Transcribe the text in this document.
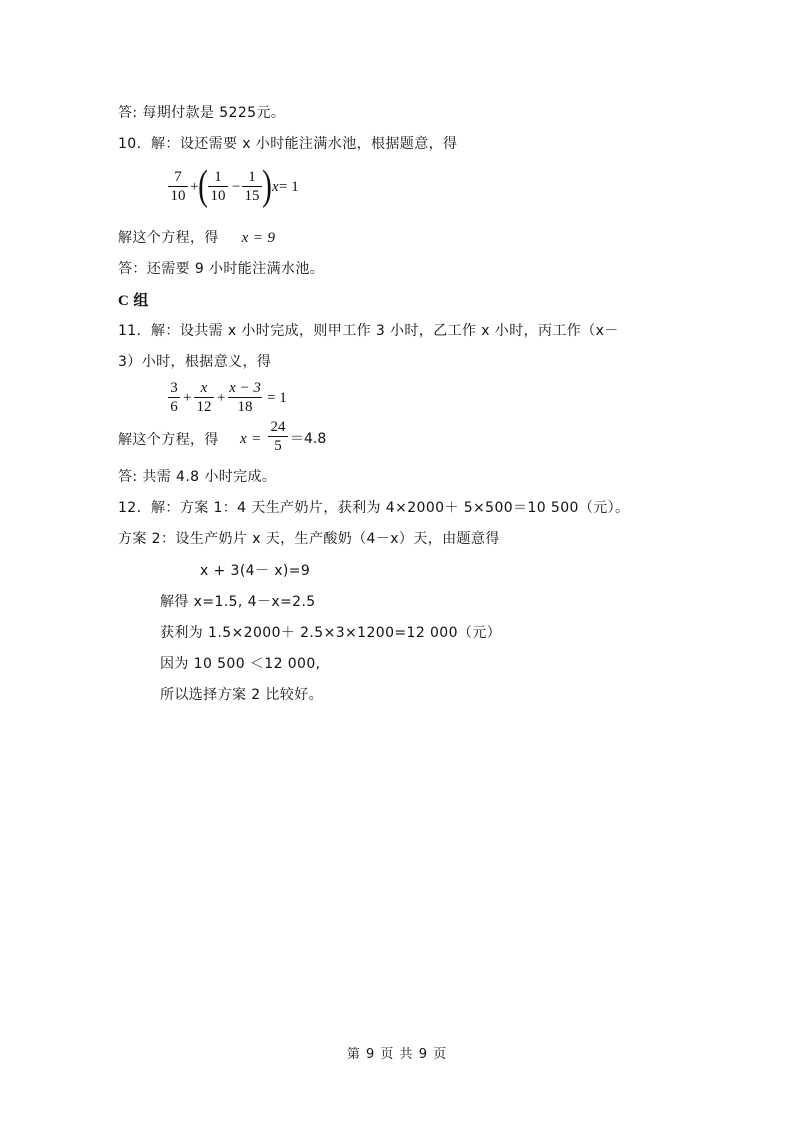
答: 每期付款是 5225元。
10．解：设还需要 x 小时能注满水池，根据题意，得
7
10
+ ( 1
10
−
1
15 ) x = 1
解这个方程，得 x = 9
答：还需要 9 小时能注满水池。
C 组
11．解：设共需 x 小时完成，则甲工作 3 小时，乙工作 x 小时，丙工作（x－
3）小时，根据意义，得
3
6
+
x
12
+
x − 3
18
= 1
解这个方程，得 x =
24
5 ＝4.8
答: 共需 4.8 小时完成。
12．解：方案 1：4 天生产奶片，获利为 4×2000＋ 5×500＝10 500（元）。
方案 2：设生产奶片 x 天，生产酸奶（4－x）天，由题意得
x + 3(4－ x)=9
解得 x=1.5, 4－x=2.5
获利为 1.5×2000＋ 2.5×3×1200=12 000（元）
因为 10 500 ＜12 000,
所以选择方案 2 比较好。
第 9 页 共 9 页
